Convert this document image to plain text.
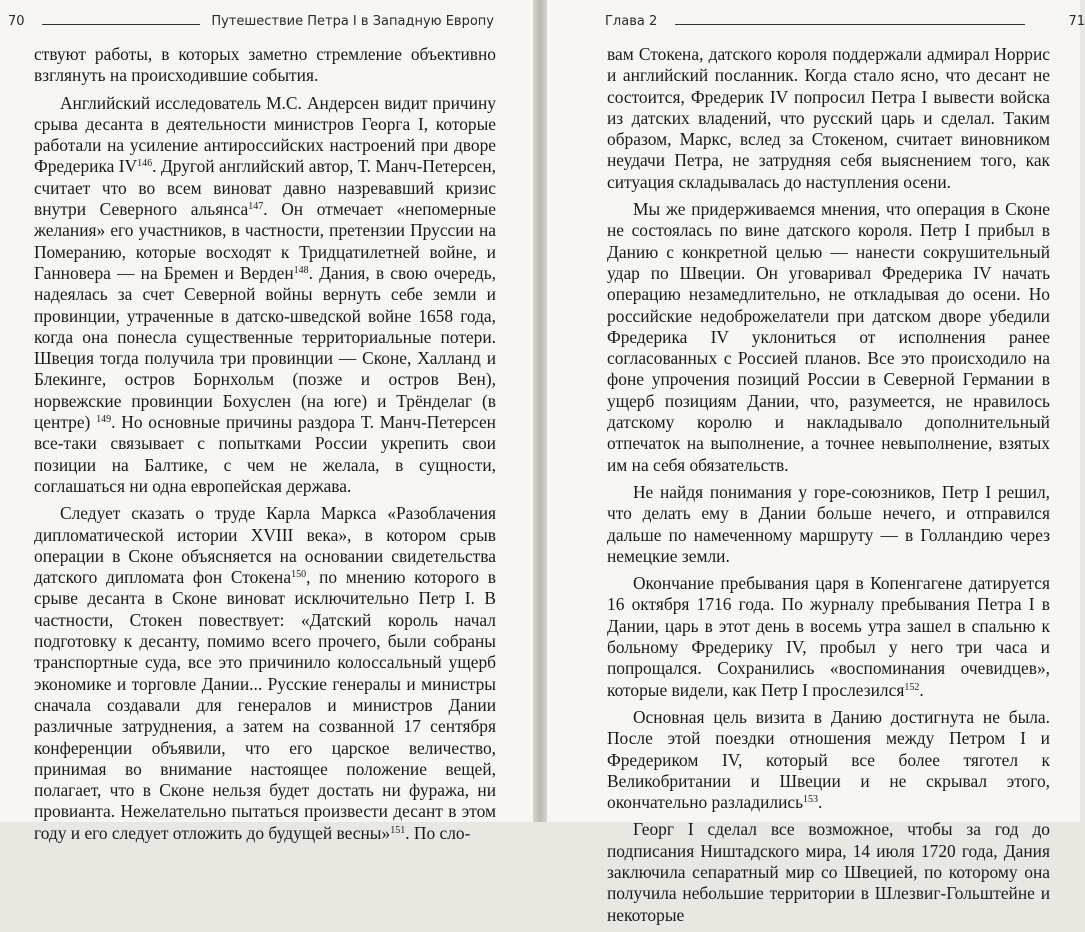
70	Путешествие Петра I в Западную Европу

ствуют работы, в которых заметно стремление объективно взглянуть на происходившие события.

Английский исследователь М.С. Андерсен видит причину срыва десанта в деятельности министров Георга I, которые работали на усиление антироссийских настроений при дворе Фредерика IV$^{146}$. Другой английский автор, Т. Манч-Петерсен, считает что во всем виноват давно назревавший кризис внутри Северного альянса$^{147}$. Он отмечает «непомерные желания» его участников, в частности, претензии Пруссии на Померанию, которые восходят к Тридцатилетней войне, и Ганновера — на Бремен и Верден$^{148}$. Дания, в свою очередь, надеялась за счет Северной войны вернуть себе земли и провинции, утраченные в датско-шведской войне 1658 года, когда она понесла существенные территориальные потери. Швеция тогда получила три провинции — Сконе, Халланд и Блекинге, остров Борнхольм (позже и остров Вен), норвежские провинции Бохуслен (на юге) и Трёнделаг (в центре) $^{149}$. Но основные причины раздора Т. Манч-Петерсен все-таки связывает с попытками России укрепить свои позиции на Балтике, с чем не желала, в сущности, соглашаться ни одна европейская держава.

Следует сказать о труде Карла Маркса «Разоблачения дипломатической истории XVIII века», в котором срыв операции в Сконе объясняется на основании свидетельства датского дипломата фон Стокена$^{150}$, по мнению которого в срыве десанта в Сконе виноват исключительно Петр I. В частности, Стокен повествует: «Датский король начал подготовку к десанту, помимо всего прочего, были собраны транспортные суда, все это причинило колоссальный ущерб экономике и торговле Дании... Русские генералы и министры сначала создавали для генералов и министров Дании различные затруднения, а затем на созванной 17 сентября конференции объявили, что его царское величество, принимая во внимание настоящее положение вещей, полагает, что в Сконе нельзя будет достать ни фуража, ни провианта. Нежелательно пытаться произвести десант в этом году и его следует отложить до будущей весны»$^{151}$. По сло-

Глава 2	71

вам Стокена, датского короля поддержали адмирал Норрис и английский посланник. Когда стало ясно, что десант не состоится, Фредерик IV попросил Петра I вывести войска из датских владений, что русский царь и сделал. Таким образом, Маркс, вслед за Стокеном, считает виновником неудачи Петра, не затрудняя себя выяснением того, как ситуация складывалась до наступления осени.

Мы же придерживаемся мнения, что операция в Сконе не состоялась по вине датского короля. Петр I прибыл в Данию с конкретной целью — нанести сокрушительный удар по Швеции. Он уговаривал Фредерика IV начать операцию незамедлительно, не откладывая до осени. Но российские недоброжелатели при датском дворе убедили Фредерика IV уклониться от исполнения ранее согласованных с Россией планов. Все это происходило на фоне упрочения позиций России в Северной Германии в ущерб позициям Дании, что, разумеется, не нравилось датскому королю и накладывало дополнительный отпечаток на выполнение, а точнее невыполнение, взятых им на себя обязательств.

Не найдя понимания у горе-союзников, Петр I решил, что делать ему в Дании больше нечего, и отправился дальше по намеченному маршруту — в Голландию через немецкие земли.

Окончание пребывания царя в Копенгагене датируется 16 октября 1716 года. По журналу пребывания Петра I в Дании, царь в этот день в восемь утра зашел в спальню к больному Фредерику IV, пробыл у него три часа и попрощался. Сохранились «воспоминания очевидцев», которые видели, как Петр I прослезился$^{152}$.

Основная цель визита в Данию достигнута не была. После этой поездки отношения между Петром I и Фредериком IV, который все более тяготел к Великобритании и Швеции и не скрывал этого, окончательно разладились$^{153}$.

Георг I сделал все возможное, чтобы за год до подписания Ништадского мира, 14 июля 1720 года, Дания заключила сепаратный мир со Швецией, по которому она получила небольшие территории в Шлезвиг-Гольштейне и некоторые
